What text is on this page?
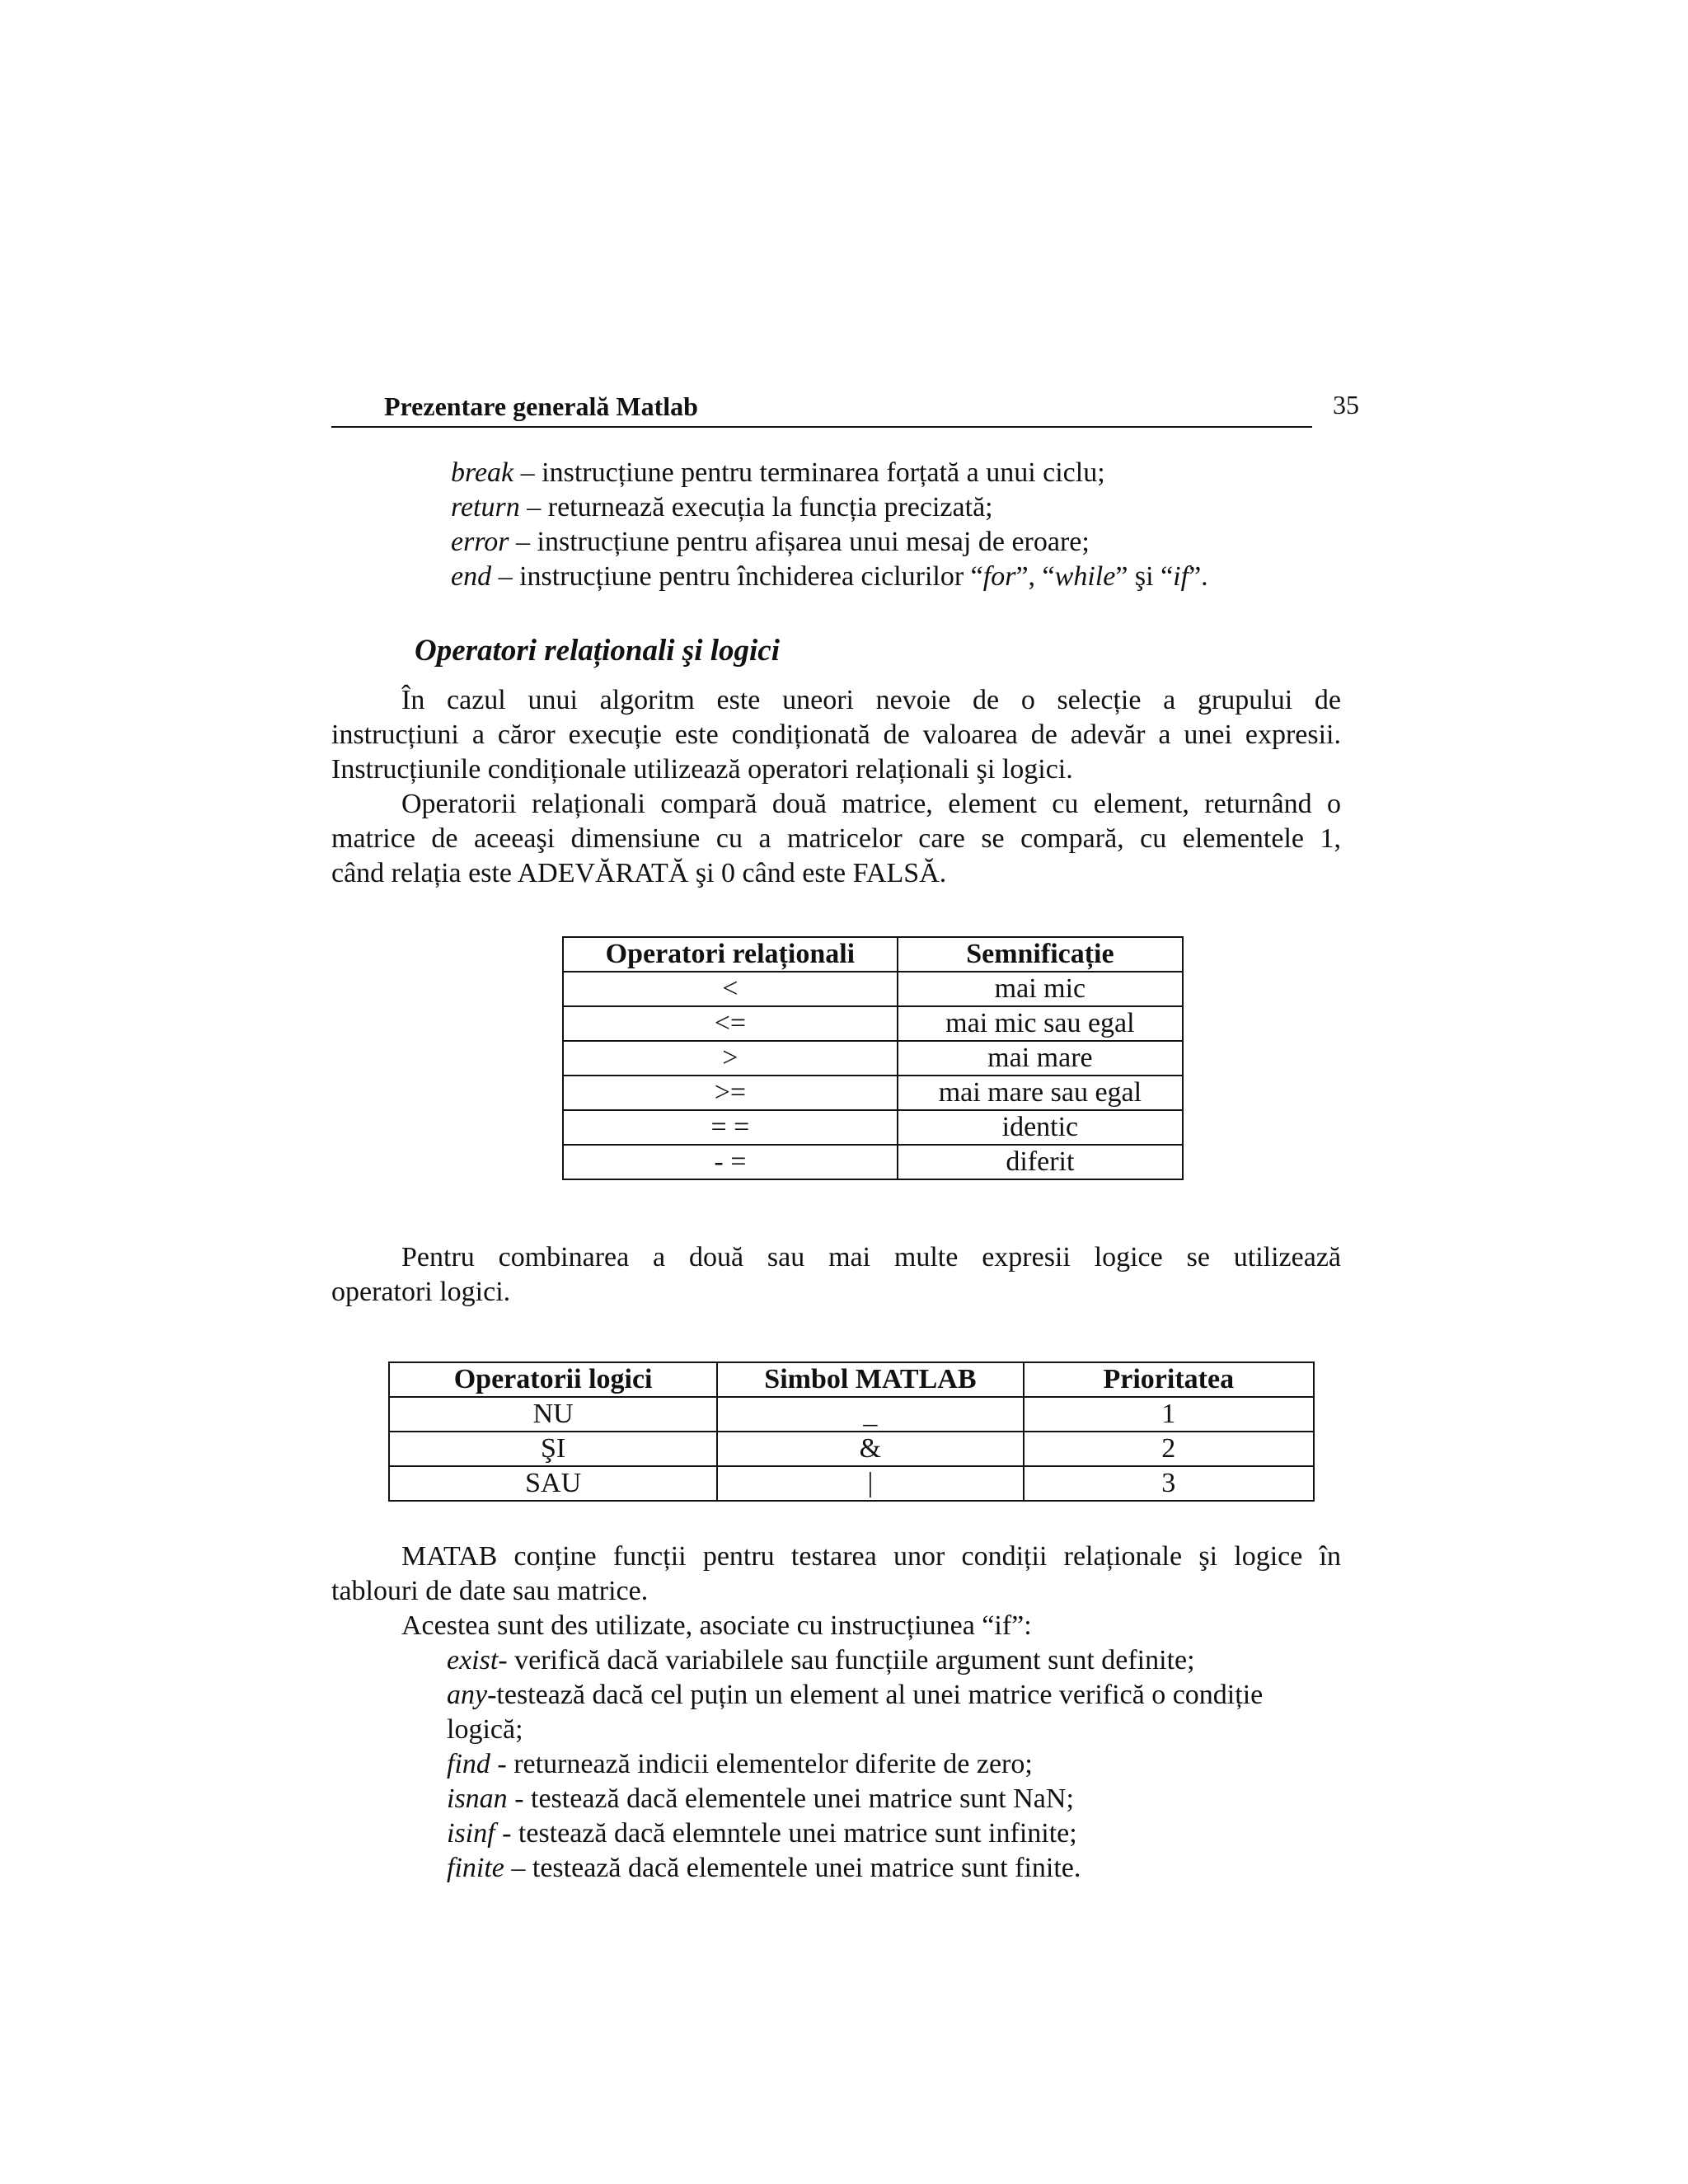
Prezentare generală Matlab	35
break – instrucțiune pentru terminarea forțată a unui ciclu;
return – returnează execuția la funcția precizată;
error – instrucțiune pentru afișarea unui mesaj de eroare;
end – instrucțiune pentru închiderea ciclurilor “for”, “while” şi “if”.
Operatori relaționali şi logici
În cazul unui algoritm este uneori nevoie de o selecție a grupului de
instrucțiuni a căror execuție este condiționată de valoarea de adevăr a unei expresii.
Instrucțiunile condiționale utilizează operatori relaționali şi logici.
Operatorii relaționali compară două matrice, element cu element, returnând o
matrice de aceeaşi dimensiune cu a matricelor care se compară, cu elementele 1,
când relația este ADEVĂRATĂ şi 0 când este FALSĂ.
Operatori relaționali	Semnificație
<	mai mic
<=	mai mic sau egal
>	mai mare
>=	mai mare sau egal
= =	identic
- =	diferit
Pentru combinarea a două sau mai multe expresii logice se utilizează
operatori logici.
Operatorii logici	Simbol MATLAB	Prioritatea
NU	_	1
ŞI	&	2
SAU	|	3
MATAB conține funcții pentru testarea unor condiții relaționale şi logice în
tablouri de date sau matrice.
Acestea sunt des utilizate, asociate cu instrucțiunea “if”:
exist- verifică dacă variabilele sau funcțiile argument sunt definite;
any-testează dacă cel puțin un element al unei matrice verifică o condiție
logică;
find - returnează indicii elementelor diferite de zero;
isnan - testează dacă elementele unei matrice sunt NaN;
isinf - testează dacă elemntele unei matrice sunt infinite;
finite – testează dacă elementele unei matrice sunt finite.
